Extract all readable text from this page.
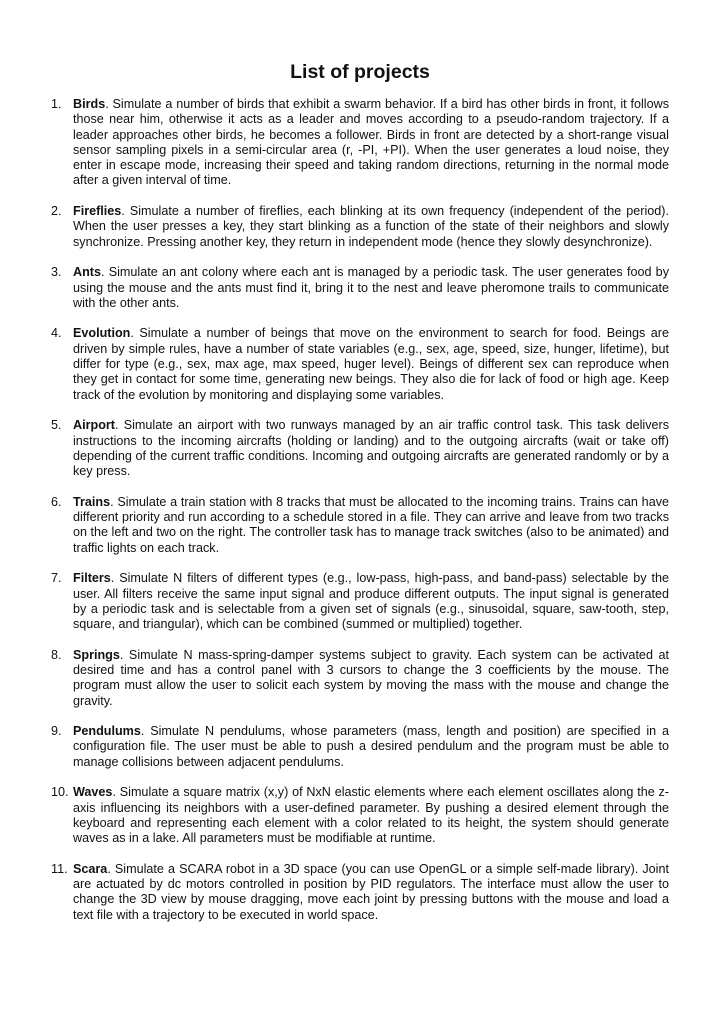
List of projects
1. Birds. Simulate a number of birds that exhibit a swarm behavior. If a bird has other birds in front, it follows those near him, otherwise it acts as a leader and moves according to a pseudo-random trajectory. If a leader approaches other birds, he becomes a follower. Birds in front are detected by a short-range visual sensor sampling pixels in a semi-circular area (r, -PI, +PI). When the user generates a loud noise, they enter in escape mode, increasing their speed and taking random directions, returning in the normal mode after a given interval of time.
2. Fireflies. Simulate a number of fireflies, each blinking at its own frequency (independent of the period). When the user presses a key, they start blinking as a function of the state of their neighbors and slowly synchronize. Pressing another key, they return in independent mode (hence they slowly desynchronize).
3. Ants. Simulate an ant colony where each ant is managed by a periodic task. The user generates food by using the mouse and the ants must find it, bring it to the nest and leave pheromone trails to communicate with the other ants.
4. Evolution. Simulate a number of beings that move on the environment to search for food. Beings are driven by simple rules, have a number of state variables (e.g., sex, age, speed, size, hunger, lifetime), but differ for type (e.g., sex, max age, max speed, huger level). Beings of different sex can reproduce when they get in contact for some time, generating new beings. They also die for lack of food or high age. Keep track of the evolution by monitoring and displaying some variables.
5. Airport. Simulate an airport with two runways managed by an air traffic control task. This task delivers instructions to the incoming aircrafts (holding or landing) and to the outgoing aircrafts (wait or take off) depending of the current traffic conditions. Incoming and outgoing aircrafts are generated randomly or by a key press.
6. Trains. Simulate a train station with 8 tracks that must be allocated to the incoming trains. Trains can have different priority and run according to a schedule stored in a file. They can arrive and leave from two tracks on the left and two on the right. The controller task has to manage track switches (also to be animated) and traffic lights on each track.
7. Filters. Simulate N filters of different types (e.g., low-pass, high-pass, and band-pass) selectable by the user. All filters receive the same input signal and produce different outputs. The input signal is generated by a periodic task and is selectable from a given set of signals (e.g., sinusoidal, square, saw-tooth, step, square, and triangular), which can be combined (summed or multiplied) together.
8. Springs. Simulate N mass-spring-damper systems subject to gravity. Each system can be activated at desired time and has a control panel with 3 cursors to change the 3 coefficients by the mouse. The program must allow the user to solicit each system by moving the mass with the mouse and change the gravity.
9. Pendulums. Simulate N pendulums, whose parameters (mass, length and position) are specified in a configuration file. The user must be able to push a desired pendulum and the program must be able to manage collisions between adjacent pendulums.
10. Waves. Simulate a square matrix (x,y) of NxN elastic elements where each element oscillates along the z-axis influencing its neighbors with a user-defined parameter. By pushing a desired element through the keyboard and representing each element with a color related to its height, the system should generate waves as in a lake. All parameters must be modifiable at runtime.
11. Scara. Simulate a SCARA robot in a 3D space (you can use OpenGL or a simple self-made library). Joint are actuated by dc motors controlled in position by PID regulators. The interface must allow the user to change the 3D view by mouse dragging, move each joint by pressing buttons with the mouse and load a text file with a trajectory to be executed in world space.
